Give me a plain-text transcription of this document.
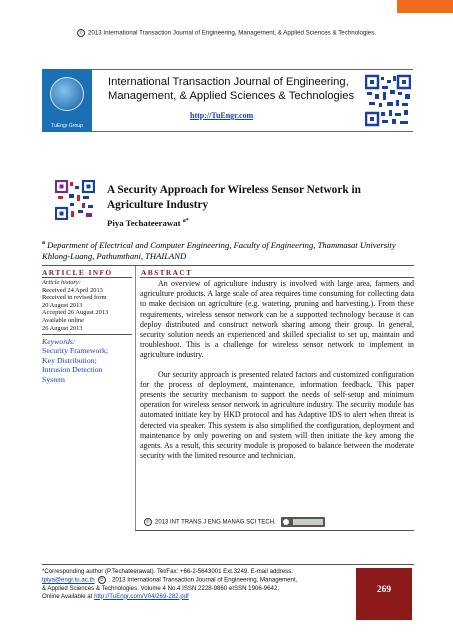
© 2013 International Transaction Journal of Engineering, Management, & Applied Sciences & Technologies.
TuEngr Group
International Transaction Journal of Engineering,
Management, & Applied Sciences & Technologies
http://TuEngr.com
A Security Approach for Wireless Sensor Network in
Agriculture Industry
Piya Techateerawat $^{a*}$
$^a$ Department of Electrical and Computer Engineering, Faculty of Engineering, Thammasat University Khlong-Luang, Pathumthani, THAILAND
ARTICLE INFO	ABSTRACT
Article history:
Received 24 April 2013
Received in revised form
20 August 2013
Accepted 26 August 2013
Available online
26 August 2013
Keywords:
Security Framework;
Key Distribution;
Intrusion Detection
System

An overview of agriculture industry is involved with large area, farmers and agriculture products. A large scale of area requires time consuming for collecting data to make decision on agriculture (e.g. watering, pruning and harvesting.). From these requirements, wireless sensor network can be a supported technology because it can deploy distributed and construct network sharing among their group. In general, security solution needs an experienced and skilled specialist to set up, maintain and troubleshoot. This is a challenge for wireless sensor network to implement in agriculture industry.

Our security approach is presented related factors and customized configuration for the process of deployment, maintenance, information feedback. This paper presents the security mechanism to support the needs of self-setup and minimum operation for wireless sensor network in agriculture industry. The security module has automated initiate key by HKD protocol and has Adaptive IDS to alert when threat is detected via speaker. This system is also simplified the configuration, deployment and maintenance by only powering on and system will then initiate the key among the agents. As a result, this security module is proposed to balance between the moderate security with the limited resource and technician.

© 2013 INT TRANS J ENG MANAG SCI TECH.
*Corresponding author (P.Techateerawat). Tel/Fax: +66-2-5643001 Ext.3249. E-mail address:
tpiya@engr.tu.ac.th © . 2013 International Transaction Journal of Engineering, Management,
& Applied Sciences & Technologies. Volume 4 No.4 ISSN 2228-9860 eISSN 1906-9642.
Online Available at http://TuEngr.com/V04/269-282.pdf
269
